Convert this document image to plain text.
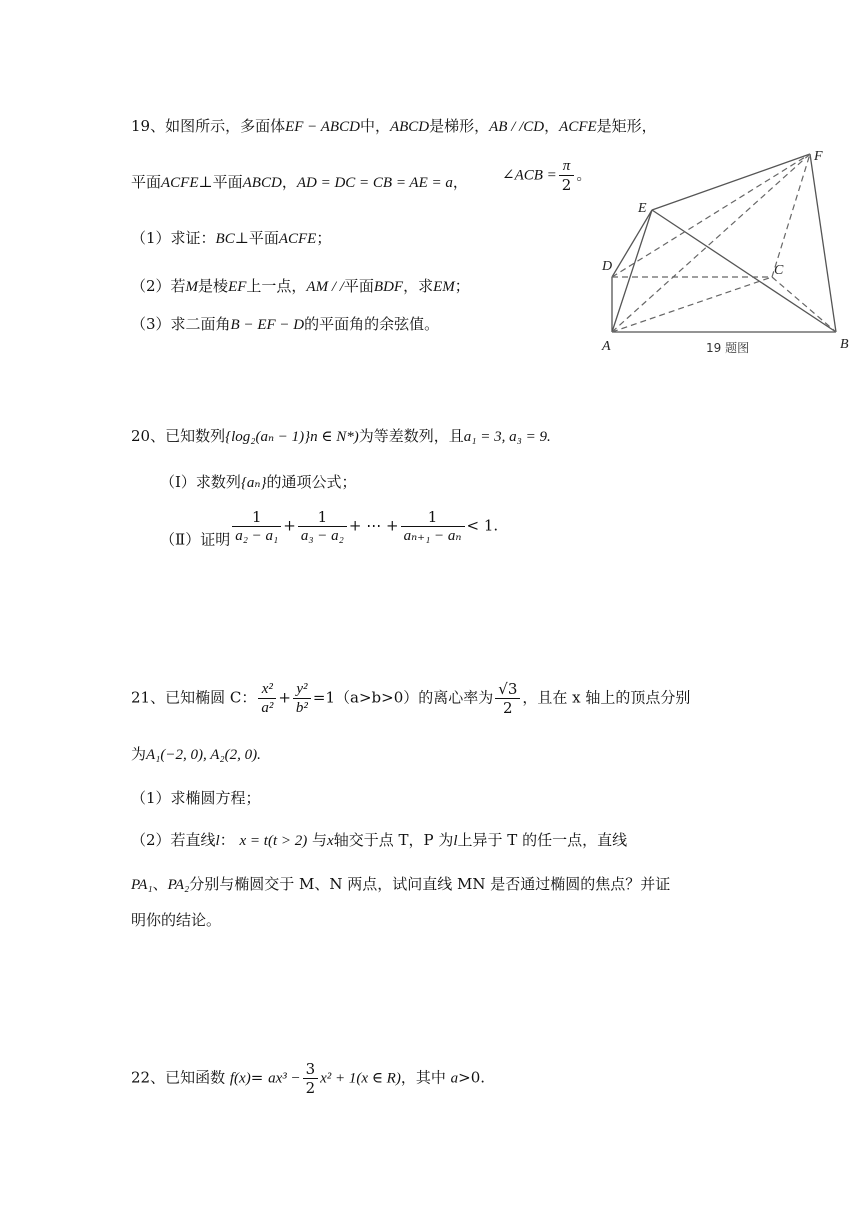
19、如图所示，多面体EF − ABCD中，ABCD是梯形，AB / /CD，ACFE是矩形，
平面ACFE⊥平面ABCD，AD = DC = CB = AE = a， ∠ACB = $\frac{\pi}{2}$ 。
（1）求证：BC⊥平面ACFE；
（2）若M是棱EF上一点，AM / /平面BDF，求EM；
（3）求二面角B − EF − D的平面角的余弦值。
A	B
C
D
E
F
19 题图
20、已知数列{log₂(aₙ − 1)}n ∈ N*)为等差数列，且a₁ = 3, a₃ = 9.
（Ⅰ）求数列{aₙ}的通项公式；
（Ⅱ）证明 $\frac{1}{\text{a₂ − a₁}} + \frac{1}{\text{a₃ − a₂}}$ + ⋯ + $\frac{1}{\text{aₙ₊₁ − aₙ}} < 1$.
21、已知椭圆 C： $\frac{\text{x²}}{\text{a²}} + \frac{\text{y²}}{\text{b²}} =1(a>b>0)$的离心率为 $\frac{√3}{2}$ ，且在 x 轴上的顶点分别
为A₁(−2, 0), A₂(2, 0).
（1）求椭圆方程；
（2）若直线l： x = t(t > 2) 与x轴交于点 T，P 为l上异于 T 的任一点，直线
PA₁、PA₂分别与椭圆交于 M、N 两点，试问直线 MN 是否通过椭圆的焦点？并证
明你的结论。
22、已知函数 $f(x)= ax^3 - \frac{3}{2} x^2 + 1(x$ ∈ R)，其中 a>0.
